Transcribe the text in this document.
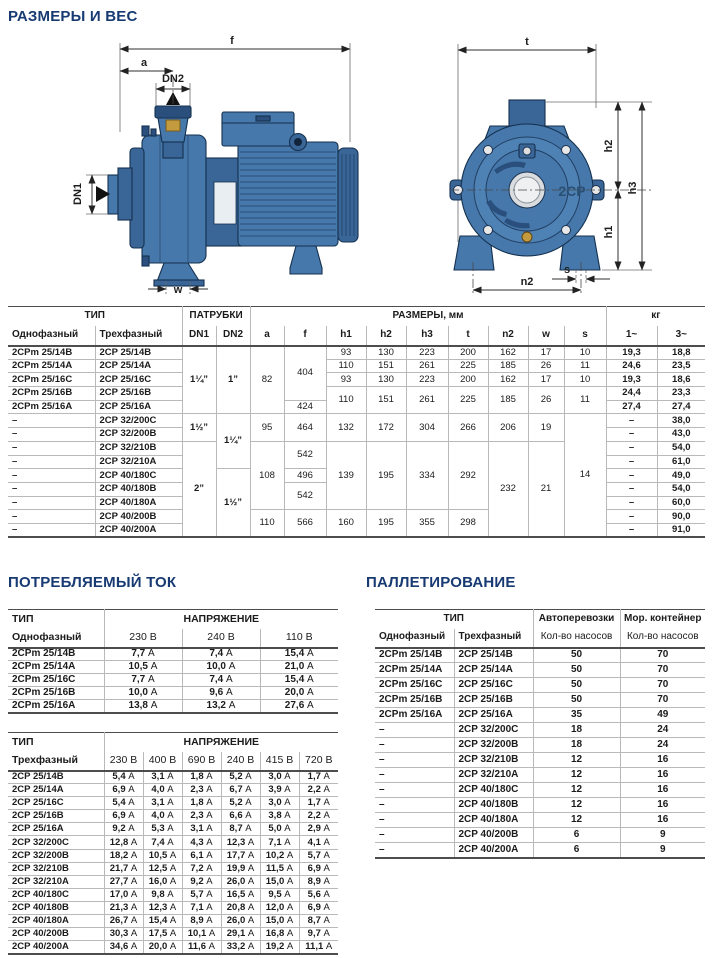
РАЗМЕРЫ И ВЕС
f
a
DN2
DN1
w
t
2CP
h2
h1
h3
s
n2
ТИП		ПАТРУБКИ		РАЗМЕРЫ, мм									кг	
Однофазный	Трехфазный	DN1	DN2	a	f	h1	h2	h3	t	n2	w	s	1~	3~
2CPm 25/14B	2CP 25/14B	1¼”	1”	82	404	93	130	223	200	162	17	10	19,3	18,8
2CPm 25/14A	2CP 25/14A					110	151	261	225	185	26	11	24,6	23,5
2CPm 25/16C	2CP 25/16C					93	130	223	200	162	17	10	19,3	18,6
2CPm 25/16B	2CP 25/16B					110	151	261	225	185	26	11	24,4	23,3
2CPm 25/16A	2CP 25/16A				424								27,4	27,4
–	2CP 32/200C	1½”	1¼”	95	464	132	172	304	266	206	19	14	–	38,0
–	2CP 32/200B												–	43,0
–	2CP 32/210B	2”		108	542	139	195	334	292	232	21		–	54,0
–	2CP 32/210A												–	61,0
–	2CP 40/180C		1½”		496								–	49,0
–	2CP 40/180B				542								–	54,0
–	2CP 40/180A												–	60,0
–	2CP 40/200B			110	566	160	195	355	298				–	90,0
–	2CP 40/200A												–	91,0
ПОТРЕБЛЯЕМЫЙ ТОК	ПАЛЛЕТИРОВАНИЕ
ТИП	НАПРЯЖЕНИЕ		
Однофазный	230 В	240 В	110 В
2CPm 25/14B	7,7 A	7,4 A	15,4 A
2CPm 25/14A	10,5 A	10,0 A	21,0 A
2CPm 25/16C	7,7 A	7,4 A	15,4 A
2CPm 25/16B	10,0 A	9,6 A	20,0 A
2CPm 25/16A	13,8 A	13,2 A	27,6 A
ТИП	НАПРЯЖЕНИЕ					
Трехфазный	230 В	400 В	690 В	240 В	415 В	720 В
2CP 25/14B	5,4 A	3,1 A	1,8 A	5,2 A	3,0 A	1,7 A
2CP 25/14A	6,9 A	4,0 A	2,3 A	6,7 A	3,9 A	2,2 A
2CP 25/16C	5,4 A	3,1 A	1,8 A	5,2 A	3,0 A	1,7 A
2CP 25/16B	6,9 A	4,0 A	2,3 A	6,6 A	3,8 A	2,2 A
2CP 25/16A	9,2 A	5,3 A	3,1 A	8,7 A	5,0 A	2,9 A
2CP 32/200C	12,8 A	7,4 A	4,3 A	12,3 A	7,1 A	4,1 A
2CP 32/200B	18,2 A	10,5 A	6,1 A	17,7 A	10,2 A	5,7 A
2CP 32/210B	21,7 A	12,5 A	7,2 A	19,9 A	11,5 A	6,9 A
2CP 32/210A	27,7 A	16,0 A	9,2 A	26,0 A	15,0 A	8,9 A
2CP 40/180C	17,0 A	9,8 A	5,7 A	16,5 A	9,5 A	5,6 A
2CP 40/180B	21,3 A	12,3 A	7,1 A	20,8 A	12,0 A	6,9 A
2CP 40/180A	26,7 A	15,4 A	8,9 A	26,0 A	15,0 A	8,7 A
2CP 40/200B	30,3 A	17,5 A	10,1 A	29,1 A	16,8 A	9,7 A
2CP 40/200A	34,6 A	20,0 A	11,6 A	33,2 A	19,2 A	11,1 A
ТИП		Автоперевозки	Мор. контейнер
Однофазный	Трехфазный	Кол-во насосов	Кол-во насосов
2CPm 25/14B	2CP 25/14B	50	70
2CPm 25/14A	2CP 25/14A	50	70
2CPm 25/16C	2CP 25/16C	50	70
2CPm 25/16B	2CP 25/16B	50	70
2CPm 25/16A	2CP 25/16A	35	49
–	2CP 32/200C	18	24
–	2CP 32/200B	18	24
–	2CP 32/210B	12	16
–	2CP 32/210A	12	16
–	2CP 40/180C	12	16
–	2CP 40/180B	12	16
–	2CP 40/180A	12	16
–	2CP 40/200B	6	9
–	2CP 40/200A	6	9
